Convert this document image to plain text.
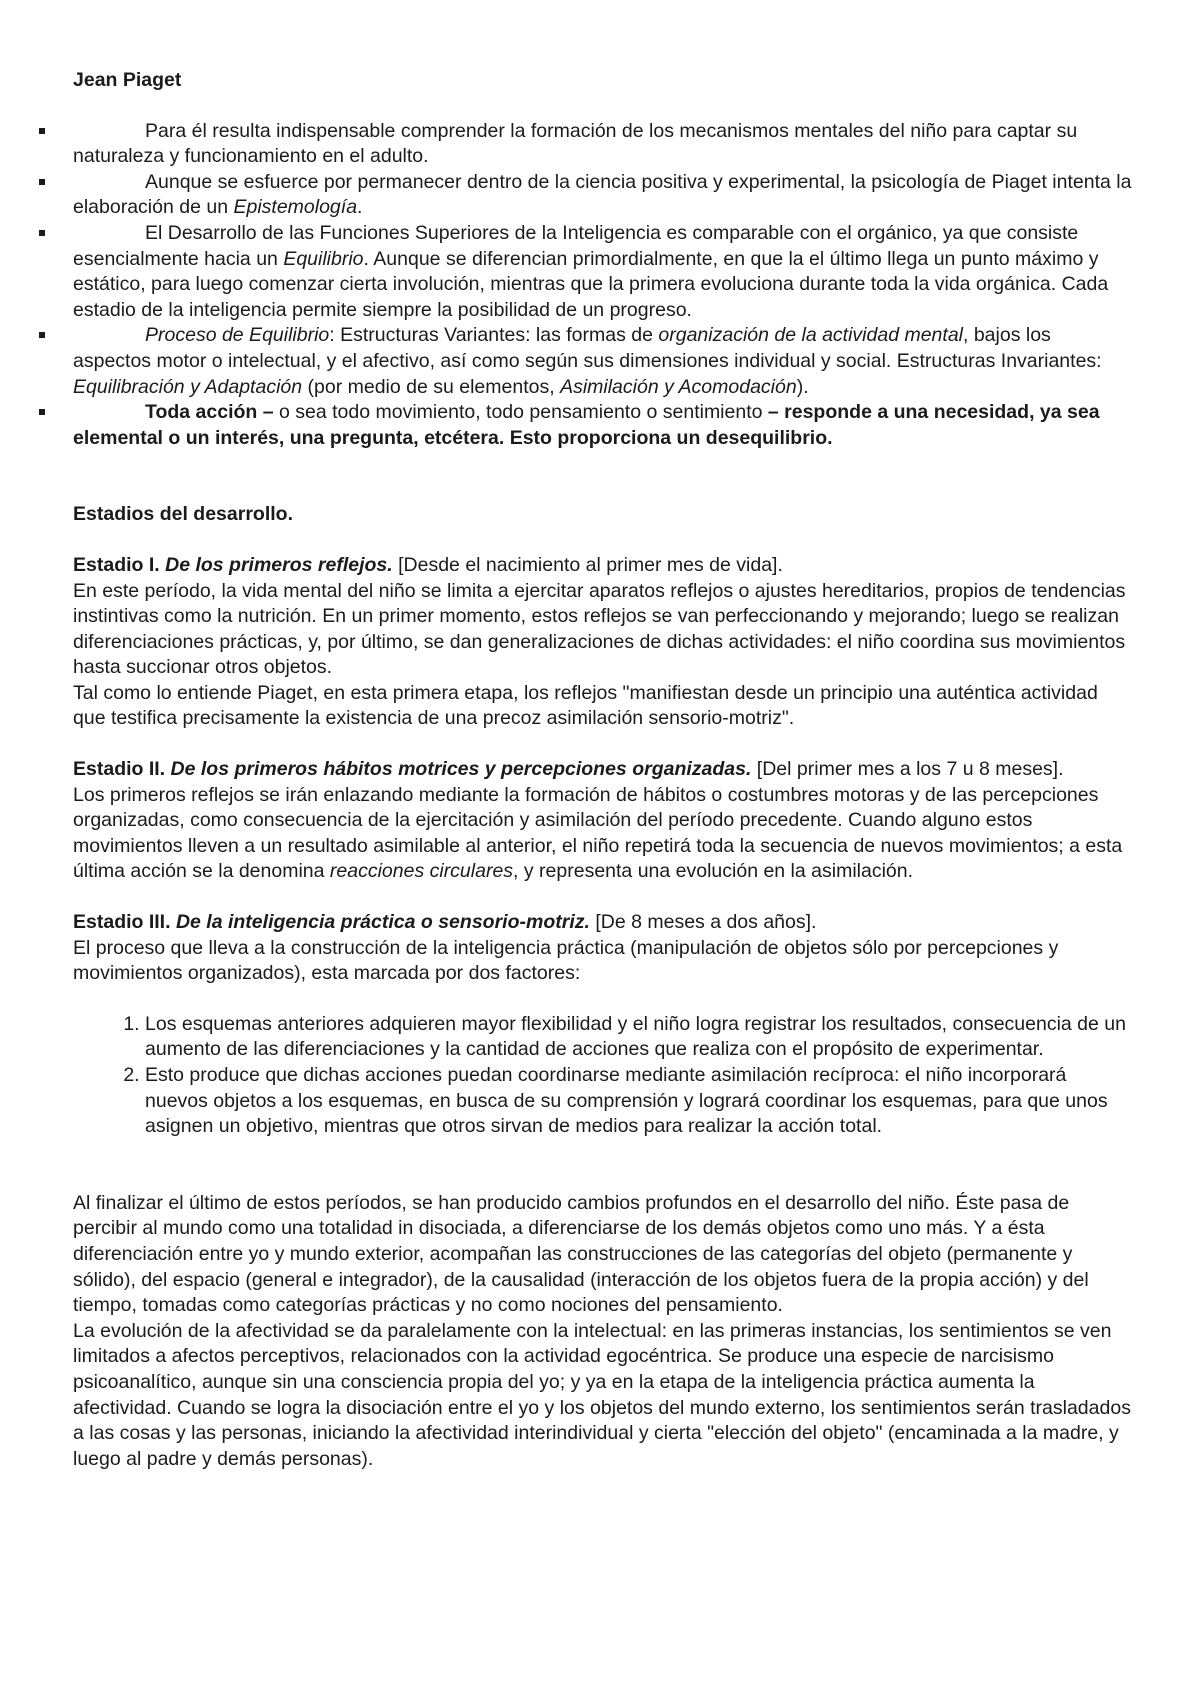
Jean Piaget

Para él resulta indispensable comprender la formación de los mecanismos mentales del niño para captar su naturaleza y funcionamiento en el adulto.
Aunque se esfuerce por permanecer dentro de la ciencia positiva y experimental, la psicología de Piaget intenta la elaboración de un Epistemología.
El Desarrollo de las Funciones Superiores de la Inteligencia es comparable con el orgánico, ya que consiste esencialmente hacia un Equilibrio. Aunque se diferencian primordialmente, en que la el último llega un punto máximo y estático, para luego comenzar cierta involución, mientras que la primera evoluciona durante toda la vida orgánica. Cada estadio de la inteligencia permite siempre la posibilidad de un progreso.
Proceso de Equilibrio: Estructuras Variantes: las formas de organización de la actividad mental, bajos los aspectos motor o intelectual, y el afectivo, así como según sus dimensiones individual y social. Estructuras Invariantes: Equilibración y Adaptación (por medio de su elementos, Asimilación y Acomodación).
Toda acción – o sea todo movimiento, todo pensamiento o sentimiento – responde a una necesidad, ya sea elemental o un interés, una pregunta, etcétera. Esto proporciona un desequilibrio.

Estadios del desarrollo.

Estadio I. De los primeros reflejos. [Desde el nacimiento al primer mes de vida].

En este período, la vida mental del niño se limita a ejercitar aparatos reflejos o ajustes hereditarios, propios de tendencias instintivas como la nutrición. En un primer momento, estos reflejos se van perfeccionando y mejorando; luego se realizan diferenciaciones prácticas, y, por último, se dan generalizaciones de dichas actividades: el niño coordina sus movimientos hasta succionar otros objetos.

Tal como lo entiende Piaget, en esta primera etapa, los reflejos "manifiestan desde un principio una auténtica actividad que testifica precisamente la existencia de una precoz asimilación sensorio-motriz".

Estadio II. De los primeros hábitos motrices y percepciones organizadas. [Del primer mes a los 7 u 8 meses].

Los primeros reflejos se irán enlazando mediante la formación de hábitos o costumbres motoras y de las percepciones organizadas, como consecuencia de la ejercitación y asimilación del período precedente. Cuando alguno estos movimientos lleven a un resultado asimilable al anterior, el niño repetirá toda la secuencia de nuevos movimientos; a esta última acción se la denomina reacciones circulares, y representa una evolución en la asimilación.

Estadio III. De la inteligencia práctica o sensorio-motriz. [De 8 meses a dos años].

El proceso que lleva a la construcción de la inteligencia práctica (manipulación de objetos sólo por percepciones y movimientos organizados), esta marcada por dos factores:

1. Los esquemas anteriores adquieren mayor flexibilidad y el niño logra registrar los resultados, consecuencia de un aumento de las diferenciaciones y la cantidad de acciones que realiza con el propósito de experimentar.
2. Esto produce que dichas acciones puedan coordinarse mediante asimilación recíproca: el niño incorporará nuevos objetos a los esquemas, en busca de su comprensión y logrará coordinar los esquemas, para que unos asignen un objetivo, mientras que otros sirvan de medios para realizar la acción total.

Al finalizar el último de estos períodos, se han producido cambios profundos en el desarrollo del niño. Éste pasa de percibir al mundo como una totalidad in disociada, a diferenciarse de los demás objetos como uno más. Y a ésta diferenciación entre yo y mundo exterior, acompañan las construcciones de las categorías del objeto (permanente y sólido), del espacio (general e integrador), de la causalidad (interacción de los objetos fuera de la propia acción) y del tiempo, tomadas como categorías prácticas y no como nociones del pensamiento.

La evolución de la afectividad se da paralelamente con la intelectual: en las primeras instancias, los sentimientos se ven limitados a afectos perceptivos, relacionados con la actividad egocéntrica. Se produce una especie de narcisismo psicoanalítico, aunque sin una consciencia propia del yo; y ya en la etapa de la inteligencia práctica aumenta la afectividad. Cuando se logra la disociación entre el yo y los objetos del mundo externo, los sentimientos serán trasladados a las cosas y las personas, iniciando la afectividad interindividual y cierta "elección del objeto" (encaminada a la madre, y luego al padre y demás personas).
